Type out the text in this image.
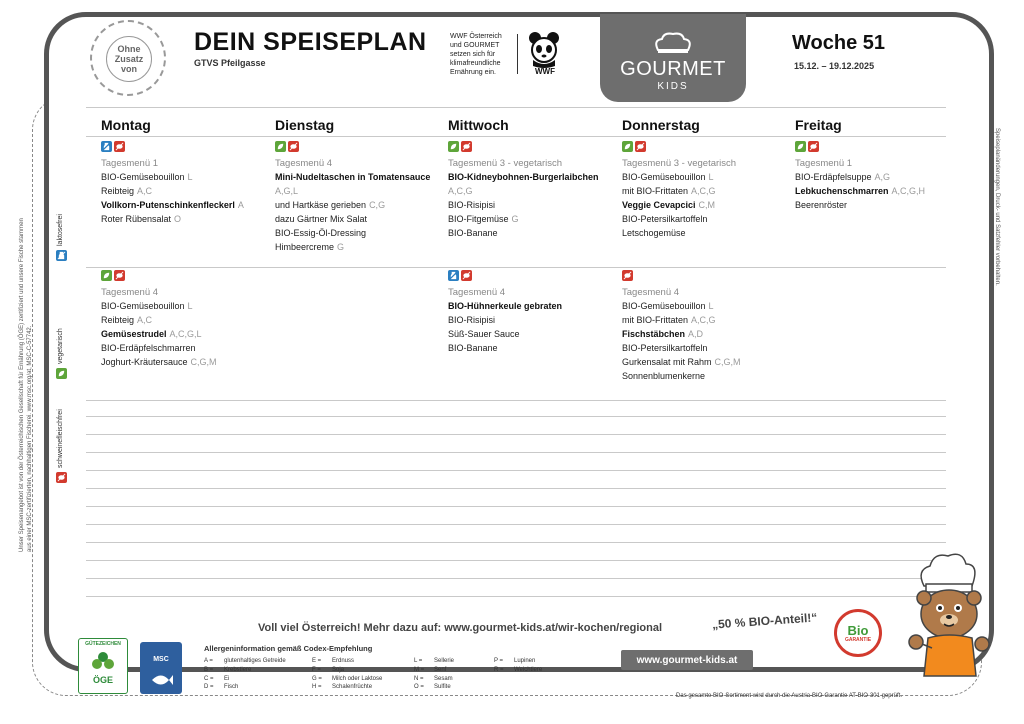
Ohne Zusatz von
DEIN SPEISEPLAN
GTVS Pfeilgasse
WWF Österreich
und GOURMET
setzen sich für
klimafreundliche
Ernährung ein.	WWF	GOURMET
KIDS
Woche 51
15.12. – 19.12.2025
Montag
Tagesmenü 1
BIO-Gemüsebouillon L
Reibteig A,C
Vollkorn-Putenschinkenfleckerl A
Roter Rübensalat O
Tagesmenü 4
BIO-Gemüsebouillon L
Reibteig A,C
Gemüsestrudel A,C,G,L
BIO-Erdäpfelschmarren
Joghurt-Kräutersauce C,G,M
Dienstag
Tagesmenü 4
Mini-Nudeltaschen in Tomatensauce
A,G,L
und Hartkäse gerieben C,G
dazu Gärtner Mix Salat
BIO-Essig-Öl-Dressing
Himbeercreme G
Mittwoch
Tagesmenü 3 - vegetarisch
BIO-Kidneybohnen-Burgerlaibchen
A,C,G
BIO-Risipisi
BIO-Fitgemüse G
BIO-Banane
Tagesmenü 4
BIO-Hühnerkeule gebraten
BIO-Risipisi
Süß-Sauer Sauce
BIO-Banane
Donnerstag
Tagesmenü 3 - vegetarisch
BIO-Gemüsebouillon L
mit BIO-Frittaten A,C,G
Veggie Cevapcici C,M
BIO-Petersilkartoffeln
Letschogemüse
Tagesmenü 4
BIO-Gemüsebouillon L
mit BIO-Frittaten A,C,G
Fischstäbchen A,D
BIO-Petersilkartoffeln
Gurkensalat mit Rahm C,G,M
Sonnenblumenkerne
Freitag
Tagesmenü 1
BIO-Erdäpfelsuppe A,G
Lebkuchenschmarren A,C,G,H
Beerenröster
laktosefrei
vegetarisch
schweinefleischfrei
Unser Speisenangebot ist von der Österreichischen Gesellschaft für Ernährung (ÖGE) zertifiziert und unsere Fische stammen aus einer MSC-zertifizierten, nachhaltigen Fischerei. www.msc.org/at, MSC-C-57742.
Speiseplanänderungen, Druck- und Satzfehler vorbehalten.
Voll viel Österreich! Mehr dazu auf: www.gourmet-kids.at/wir-kochen/regional	„50 % BIO-Anteil!“
www.gourmet-kids.at
Bio
GARANTIE
GÜTEZEICHEN
ÖGE
MSC
Allergeninformation gemäß Codex-Empfehlung
A = glutenhaltiges Getreide
B = Krebstiere
C = Ei
D = Fisch
E = Erdnuss
F = Soja
G = Milch oder Laktose
H = Schalenfrüchte
L = Sellerie
M = Senf
N = Sesam
O = Sulfite
P = Lupinen
R = Weichtiere
Das gesamte BIO-Sortiment wird durch die Austria-BIO-Garantie AT-BIO-301 geprüft.
